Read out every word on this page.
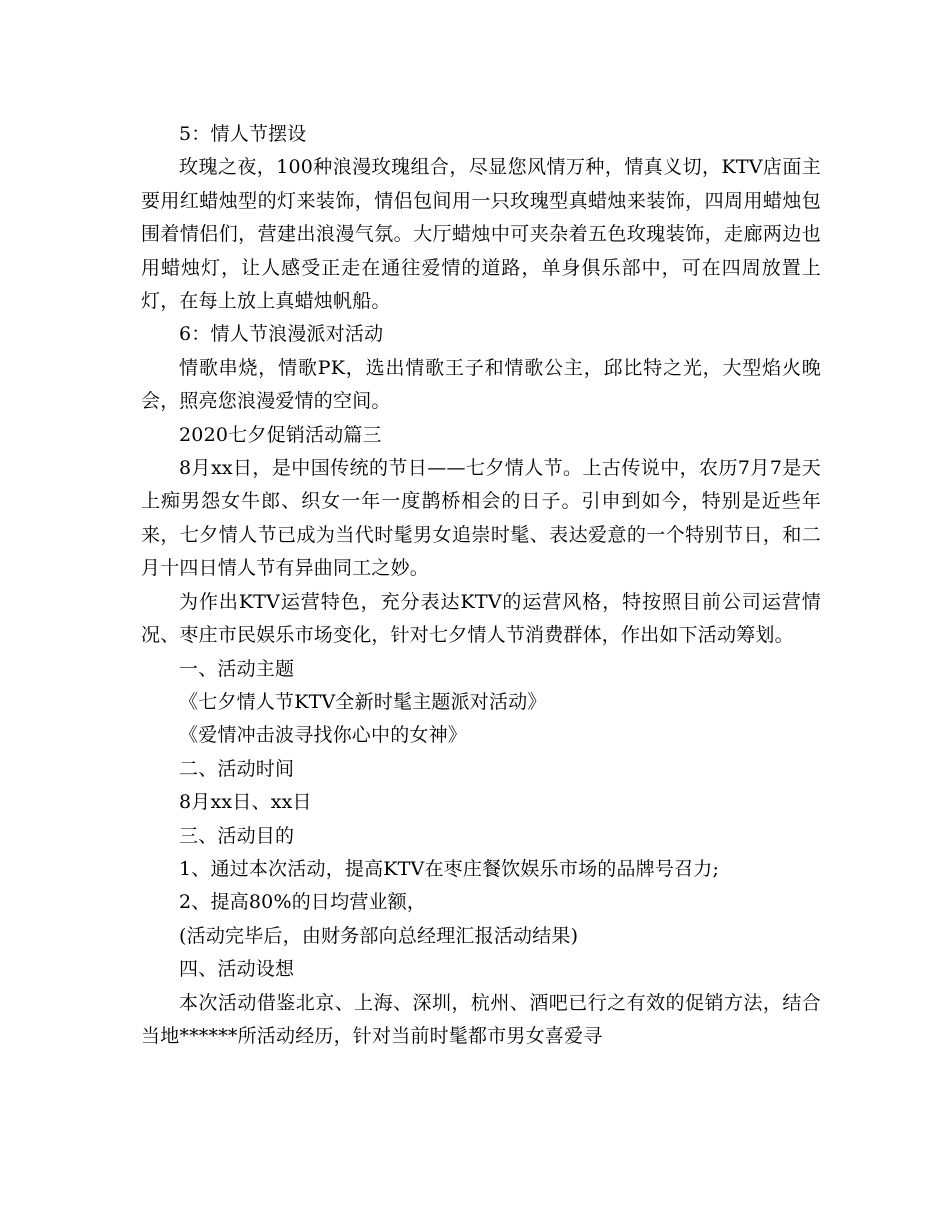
5：情人节摆设

玫瑰之夜，100种浪漫玫瑰组合，尽显您风情万种，情真义切，KTV店面主要用红蜡烛型的灯来装饰，情侣包间用一只玫瑰型真蜡烛来装饰，四周用蜡烛包围着情侣们，营建出浪漫气氛。大厅蜡烛中可夹杂着五色玫瑰装饰，走廊两边也用蜡烛灯，让人感受正走在通往爱情的道路，单身俱乐部中，可在四周放置上灯，在每上放上真蜡烛帆船。

6：情人节浪漫派对活动

情歌串烧，情歌PK，选出情歌王子和情歌公主，邱比特之光，大型焰火晚会，照亮您浪漫爱情的空间。

2020七夕促销活动篇三

8月xx日，是中国传统的节日——七夕情人节。上古传说中，农历7月7是天上痴男怨女牛郎、织女一年一度鹊桥相会的日子。引申到如今，特别是近些年来，七夕情人节已成为当代时髦男女追崇时髦、表达爱意的一个特别节日，和二月十四日情人节有异曲同工之妙。

为作出KTV运营特色，充分表达KTV的运营风格，特按照目前公司运营情况、枣庄市民娱乐市场变化，针对七夕情人节消费群体，作出如下活动筹划。

一、活动主题

《七夕情人节KTV全新时髦主题派对活动》

《爱情冲击波寻找你心中的女神》

二、活动时间

8月xx日、xx日

三、活动目的

1、通过本次活动，提高KTV在枣庄餐饮娱乐市场的品牌号召力;

2、提高80%的日均营业额，

(活动完毕后，由财务部向总经理汇报活动结果)

四、活动设想

本次活动借鉴北京、上海、深圳，杭州、酒吧已行之有效的促销方法，结合当地******所活动经历，针对当前时髦都市男女喜爱寻
